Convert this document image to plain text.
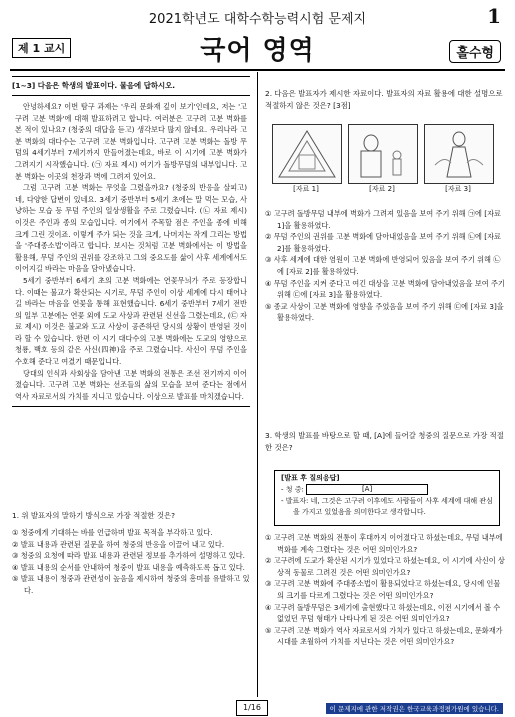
2021학년도 대학수학능력시험 문제지	1
제 1 교시	국어 영역	홀수형
[1~3] 다음은 학생의 발표이다. 물음에 답하시오.

안녕하세요? 이번 탐구 과제는 '우리 문화재 깊이 보기'인데요, 저는 '고구려 고분 벽화'에 대해 발표하려고 합니다. 여러분은 고구려 고분 벽화를 본 적이 있나요? (청중의 대답을 듣고) 생각보다 많지 않네요. 우리나라 고분 벽화의 대다수는 고구려 고분 벽화입니다. 고구려 고분 벽화는 돌방 무덤의 4세기부터 7세기까지 만들어졌는데요, 바로 이 시기에 고분 벽화가 그려지기 시작했습니다. (㉠ 자료 제시) 여기가 돌방무덤의 내부입니다. 고분 벽화는 이곳의 천장과 벽에 그려져 있어요.

그럼 고구려 고분 벽화는 무엇을 그렸을까요? (청중의 반응을 살피고) 네, 다양한 답변이 있네요. 3세기 중반부터 5세기 초에는 말 먹는 모습, 사냥하는 모습 등 무덤 주인의 일상생활을 주로 그렸습니다. (㉡ 자료 제시) 이것은 주인과 종의 모습입니다. 여기에서 주목할 점은 주인을 종에 비해 크게 그린 것이죠. 이렇게 주가 되는 것을 크게, 나머지는 작게 그리는 방법을 '주대종소법'이라고 합니다. 보시는 것처럼 고분 벽화에서는 이 방법을 활용해, 무덤 주인의 권위를 강조하고 그의 중요도를 삶이 사후 세계에서도 이어지길 바라는 마음을 담아냈습니다.

5세기 중반부터 6세기 초의 고분 벽화에는 연꽃무늬가 주로 등장합니다. 이때는 불교가 확산되는 시기로, 무덤 주인이 이상 세계에 다시 태어나길 바라는 마음을 연꽃을 통해 표현했습니다. 6세기 중반부터 7세기 전반의 일부 고분에는 연꽃 외에 도교 사상과 관련된 신선을 그렸는데요, (㉢ 자료 제시) 이것은 불교와 도교 사상이 공존하던 당시의 상황이 반영된 것이라 할 수 있습니다. 한편 이 시기 대다수의 고분 벽화에는 도교의 영향으로 청룡, 백호 등의 같은 사신(四神)을 주로 그렸습니다. 사신이 무덤 주인을 수호해 준다고 여겼기 때문입니다.

당대의 인식과 사회상을 담아낸 고분 벽화의 전통은 조선 전기까지 이어졌습니다. 고구려 고분 벽화는 선조들의 삶의 모습을 보여 준다는 점에서 역사 자료로서의 가치를 지니고 있습니다. 이상으로 발표를 마치겠습니다.

1. 위 발표자의 말하기 방식으로 가장 적절한 것은?

① 청중에게 기대하는 바를 언급하며 발표 목적을 부각하고 있다.

② 발표 내용과 관련된 질문을 하여 청중의 반응을 이끌어 내고 있다.

③ 청중의 요청에 따라 발표 내용과 관련된 정보를 추가하여 설명하고 있다.

④ 발표 내용의 순서를 안내하여 청중이 발표 내용을 예측하도록 돕고 있다.

⑤ 발표 내용이 청중과 관련성이 높음을 제시하여 청중의 흥미를 유발하고 있다.

2. 다음은 발표자가 제시한 자료이다. 발표자의 자료 활용에 대한 설명으로 적절하지 않은 것은? [3점]

[자료 1]	[자료 2]	[자료 3]

① 고구려 돌방무덤 내부에 벽화가 그려져 있음을 보여 주기 위해 ㉠에 [자료 1]을 활용하였다.

② 무덤 주인의 권위를 고분 벽화에 담아내었음을 보여 주기 위해 ㉡에 [자료 2]를 활용하였다.

③ 사후 세계에 대한 염원이 고분 벽화에 반영되어 있음을 보여 주기 위해 ㉡에 [자료 2]를 활용하였다.

④ 무덤 주인을 지켜 준다고 여긴 대상을 고분 벽화에 담아내었음을 보여 주기 위해 ㉢에 [자료 3]을 활용하였다.

⑤ 종교 사상이 고분 벽화에 영향을 주었음을 보여 주기 위해 ㉢에 [자료 3]을 활용하였다.

3. 학생의 발표를 바탕으로 할 때, [A]에 들어갈 청중의 질문으로 가장 적절한 것은?

[발표 후 질의응답]
- 청 중:	[A]
- 발표자: 네, 그것은 고구려 이후에도 사람들이 사후 세계에 대해 관심을 가지고 있었음을 의미한다고 생각합니다.

① 고구려 고분 벽화의 전통이 후대까지 이어졌다고 하셨는데요, 무덤 내부에 벽화를 계속 그렸다는 것은 어떤 의미인가요?

② 고구려에 도교가 확산된 시기가 있었다고 하셨는데요, 이 시기에 사신이 상상적 동물로 그려진 것은 어떤 의미인가요?

③ 고구려 고분 벽화에 주대종소법이 활용되었다고 하셨는데요, 당시에 인물의 크기를 다르게 그렸다는 것은 어떤 의미인가요?

④ 고구려 돌방무덤은 3세기에 출현했다고 하셨는데요, 이전 시기에서 볼 수 없었던 무덤 형태가 나타나게 된 것은 어떤 의미인가요?

⑤ 고구려 고분 벽화가 역사 자료로서의 가치가 있다고 하셨는데요, 문화재가 시대를 초월하여 가치를 지닌다는 것은 어떤 의미인가요?

1/16	이 문제지에 관한 저작권은 한국교육과정평가원에 있습니다.
